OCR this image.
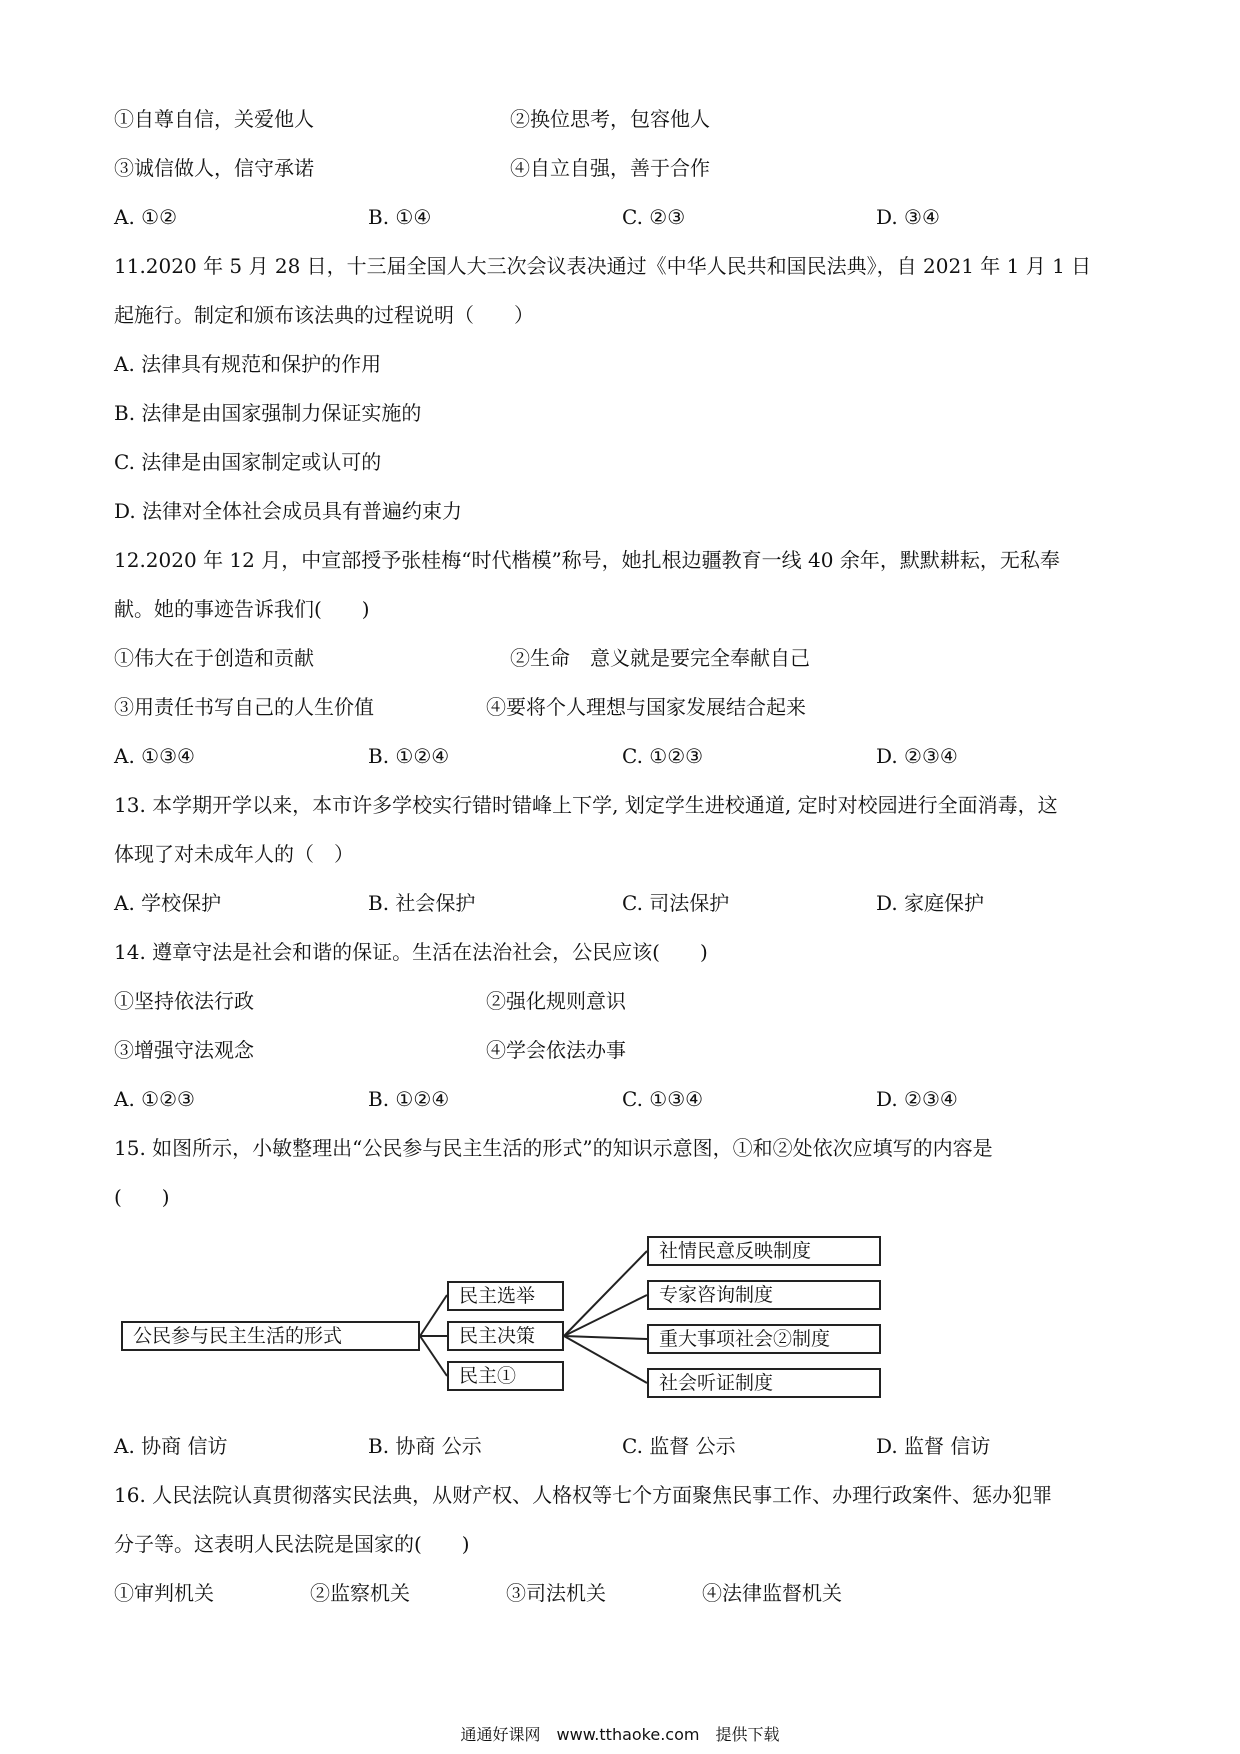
①自尊自信，关爱他人	②换位思考，包容他人
③诚信做人，信守承诺	④自立自强，善于合作
A. ①②	B. ①④	C. ②③	D. ③④
11.2020 年 5 月 28 日，十三届全国人大三次会议表决通过《中华人民共和国民法典》，自 2021 年 1 月 1 日
起施行。制定和颁布该法典的过程说明（　　）
A. 法律具有规范和保护的作用
B. 法律是由国家强制力保证实施的
C. 法律是由国家制定或认可的
D. 法律对全体社会成员具有普遍约束力
12.2020 年 12 月，中宣部授予张桂梅“时代楷模”称号，她扎根边疆教育一线 40 余年，默默耕耘，无私奉
献。她的事迹告诉我们(　　)
①伟大在于创造和贡献	②生命　意义就是要完全奉献自己
③用责任书写自己的人生价值	④要将个人理想与国家发展结合起来
A. ①③④	B. ①②④	C. ①②③	D. ②③④
13. 本学期开学以来，本市许多学校实行错时错峰上下学, 划定学生进校通道, 定时对校园进行全面消毒，这
体现了对未成年人的（　）
A. 学校保护	B. 社会保护	C. 司法保护	D. 家庭保护
14. 遵章守法是社会和谐的保证。生活在法治社会，公民应该(　　)
①坚持依法行政	②强化规则意识
③增强守法观念	④学会依法办事
A. ①②③	B. ①②④	C. ①③④	D. ②③④
15. 如图所示，小敏整理出“公民参与民主生活的形式”的知识示意图，①和②处依次应填写的内容是
(　　)
公民参与民主生活的形式
民主选举
民主决策
民主①
社情民意反映制度
专家咨询制度
重大事项社会②制度
社会听证制度
A. 协商 信访	B. 协商 公示	C. 监督 公示	D. 监督 信访
16. 人民法院认真贯彻落实民法典，从财产权、人格权等七个方面聚焦民事工作、办理行政案件、惩办犯罪
分子等。这表明人民法院是国家的(　　)
①审判机关	②监察机关	③司法机关	④法律监督机关
通通好课网　www.tthaoke.com　提供下载
